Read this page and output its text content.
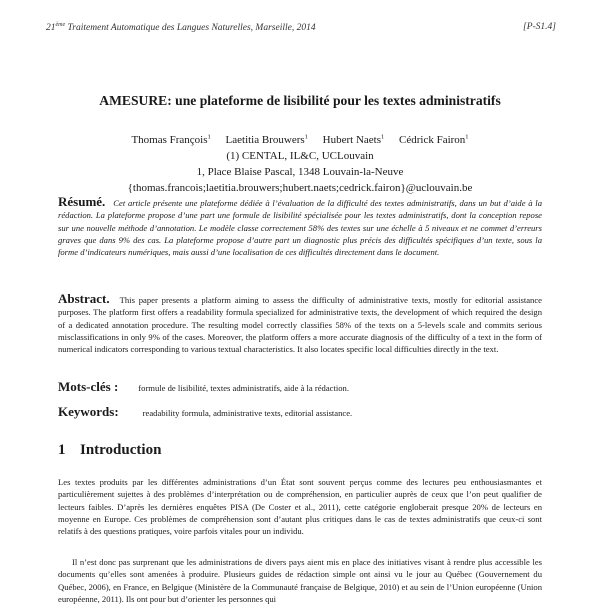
21ème Traitement Automatique des Langues Naturelles, Marseille, 2014	[P-S1.4]
AMESURE: une plateforme de lisibilité pour les textes administratifs
Thomas François$^1$ Laetitia Brouwers$^1$ Hubert Naets$^1$ Cédrick Fairon$^1$
(1) CENTAL, IL&C, UCLouvain
1, Place Blaise Pascal, 1348 Louvain-la-Neuve
{thomas.francois;laetitia.brouwers;hubert.naets;cedrick.fairon}@uclouvain.be
Résumé. Cet article présente une plateforme dédiée à l’évaluation de la difficulté des textes administratifs, dans un but d’aide à la rédaction. La plateforme propose d’une part une formule de lisibilité spécialisée pour les textes administratifs, dont la conception repose sur une nouvelle méthode d’annotation. Le modèle classe correctement 58% des textes sur une échelle à 5 niveaux et ne commet d’erreurs graves que dans 9% des cas. La plateforme propose d’autre part un diagnostic plus précis des difficultés spécifiques d’un texte, sous la forme d’indicateurs numériques, mais aussi d’une localisation de ces difficultés directement dans le document.
Abstract. This paper presents a platform aiming to assess the difficulty of administrative texts, mostly for editorial assistance purposes. The platform first offers a readability formula specialized for administrative texts, the development of which required the design of a dedicated annotation procedure. The resulting model correctly classifies 58% of the texts on a 5-levels scale and commits serious misclassifications in only 9% of the cases. Moreover, the platform offers a more accurate diagnosis of the difficulty of a text in the form of numerical indicators corresponding to various textual characteristics. It also locates specific local difficulties directly in the text.
Mots-clés : formule de lisibilité, textes administratifs, aide à la rédaction.
Keywords:	readability formula, administrative texts, editorial assistance.
1 Introduction
Les textes produits par les différentes administrations d’un État sont souvent perçus comme des lectures peu enthousiasmantes et particulièrement sujettes à des problèmes d’interprétation ou de compréhension, en particulier auprès de ceux que l’on peut qualifier de lecteurs faibles. D’après les dernières enquêtes PISA (De Coster et al., 2011), cette catégorie engloberait presque 20% de lecteurs en moyenne en Europe. Ces problèmes de compréhension sont d’autant plus critiques dans le cas de textes administratifs que ceux-ci sont relatifs à des questions pratiques, voire parfois vitales pour un individu.
Il n’est donc pas surprenant que les administrations de divers pays aient mis en place des initiatives visant à rendre plus accessible les documents qu’elles sont amenées à produire. Plusieurs guides de rédaction simple ont ainsi vu le jour au Québec (Gouvernement du Québec, 2006), en France, en Belgique (Ministère de la Communauté française de Belgique, 2010) et au sein de l’Union européenne (Union européenne, 2011). Ils ont pour but d’orienter les personnes qui
